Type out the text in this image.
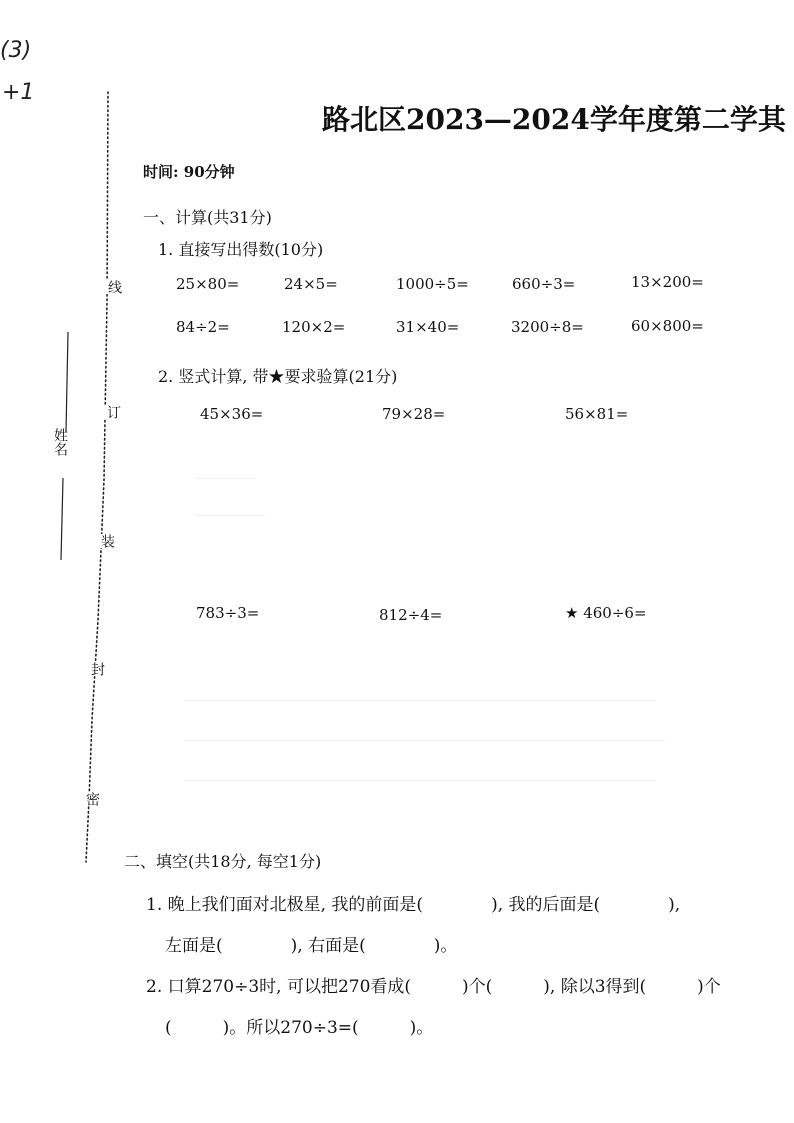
(3)
+1
姓名
线
订
装
封
密
路北区2023—2024学年度第二学其
时间: 90分钟
一、计算(共31分)
1. 直接写出得数(10分)
25×80=	24×5=	1000÷5=	660÷3=	13×200=
84÷2=	120×2=	31×40=	3200÷8=	60×800=
2. 竖式计算, 带★要求验算(21分)
45×36=	79×28=	56×81=
783÷3=	812÷4=	★ 460÷6=
二、填空(共18分, 每空1分)
1. 晚上我们面对北极星, 我的前面是(　　　　), 我的后面是(　　　　),
左面是(　　　　), 右面是(　　　　)。
2. 口算270÷3时, 可以把270看成(　　　)个(　　　), 除以3得到(　　　)个
(　　　)。所以270÷3=(　　　)。
